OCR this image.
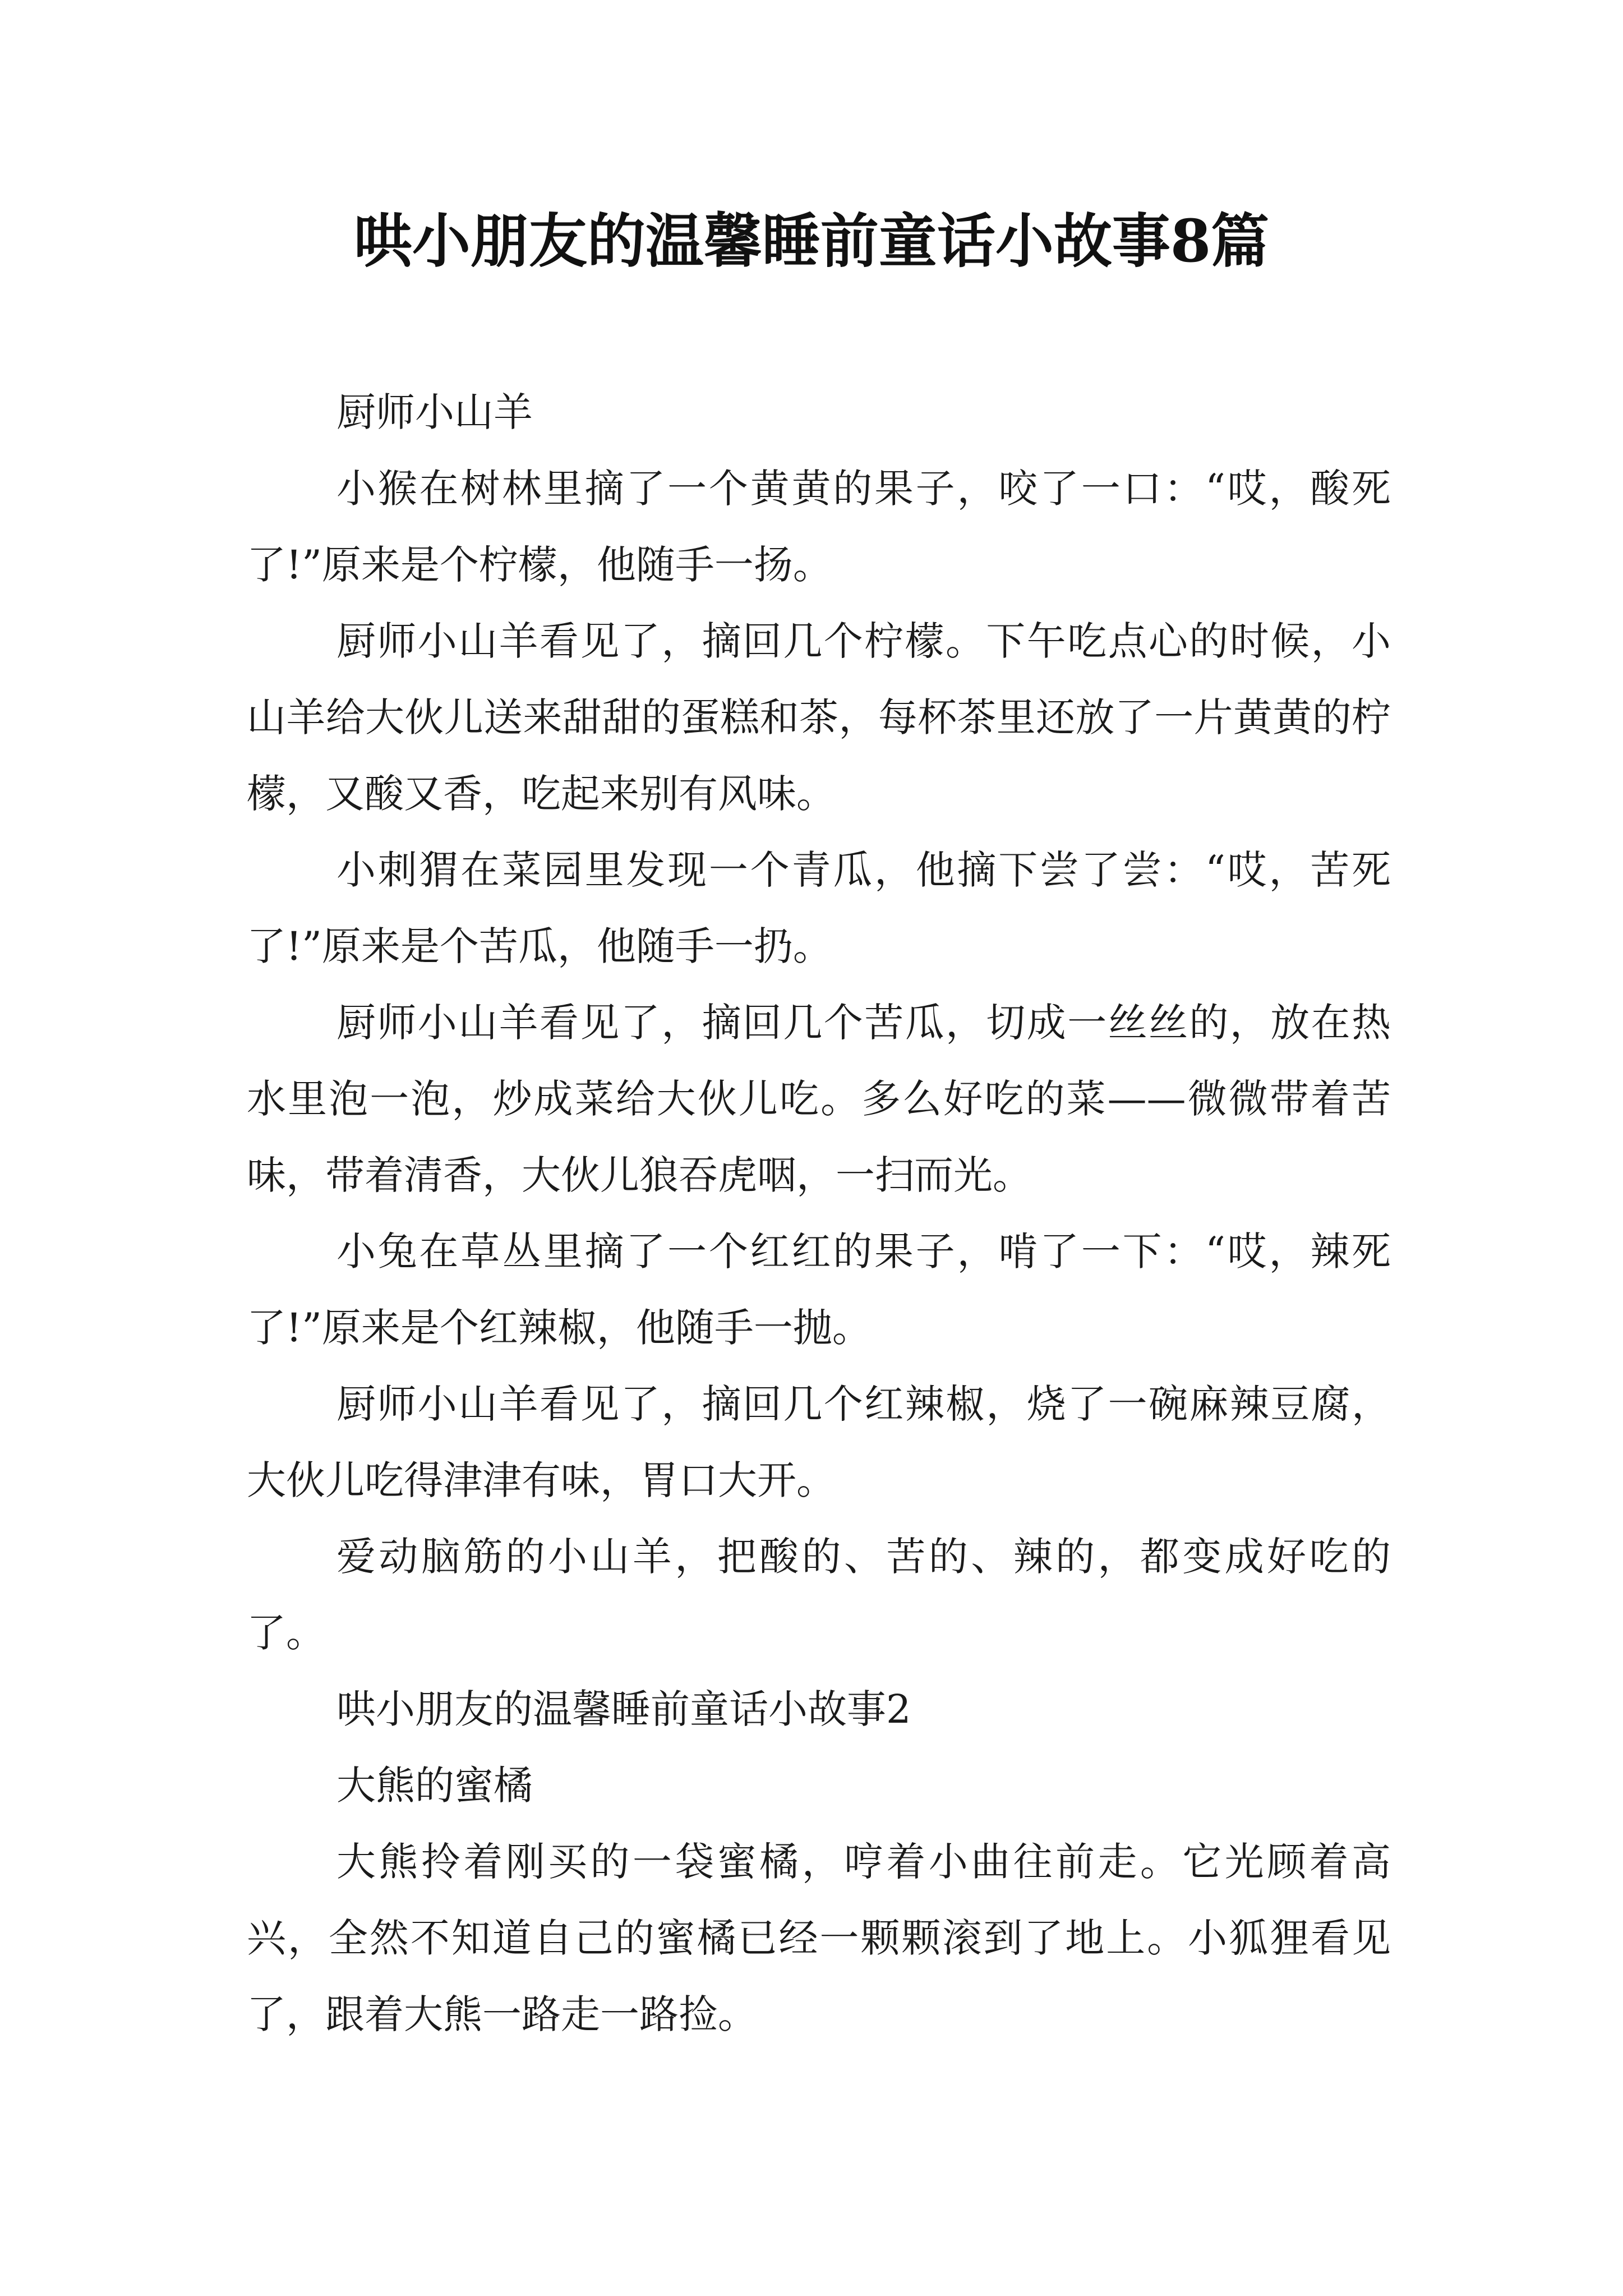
哄小朋友的温馨睡前童话小故事8篇

厨师小山羊

小猴在树林里摘了一个黄黄的果子，咬了一口：“哎，酸死了!”原来是个柠檬，他随手一扬。

厨师小山羊看见了，摘回几个柠檬。下午吃点心的时候，小山羊给大伙儿送来甜甜的蛋糕和茶，每杯茶里还放了一片黄黄的柠檬，又酸又香，吃起来别有风味。

小刺猬在菜园里发现一个青瓜，他摘下尝了尝：“哎，苦死了!”原来是个苦瓜，他随手一扔。

厨师小山羊看见了，摘回几个苦瓜，切成一丝丝的，放在热水里泡一泡，炒成菜给大伙儿吃。多么好吃的菜——微微带着苦味，带着清香，大伙儿狼吞虎咽，一扫而光。

小兔在草丛里摘了一个红红的果子，啃了一下：“哎，辣死了!”原来是个红辣椒，他随手一抛。

厨师小山羊看见了，摘回几个红辣椒，烧了一碗麻辣豆腐，大伙儿吃得津津有味，胃口大开。

爱动脑筋的小山羊，把酸的、苦的、辣的，都变成好吃的了。

哄小朋友的温馨睡前童话小故事2

大熊的蜜橘

大熊拎着刚买的一袋蜜橘，哼着小曲往前走。它光顾着高兴，全然不知道自己的蜜橘已经一颗颗滚到了地上。小狐狸看见了，跟着大熊一路走一路捡。
